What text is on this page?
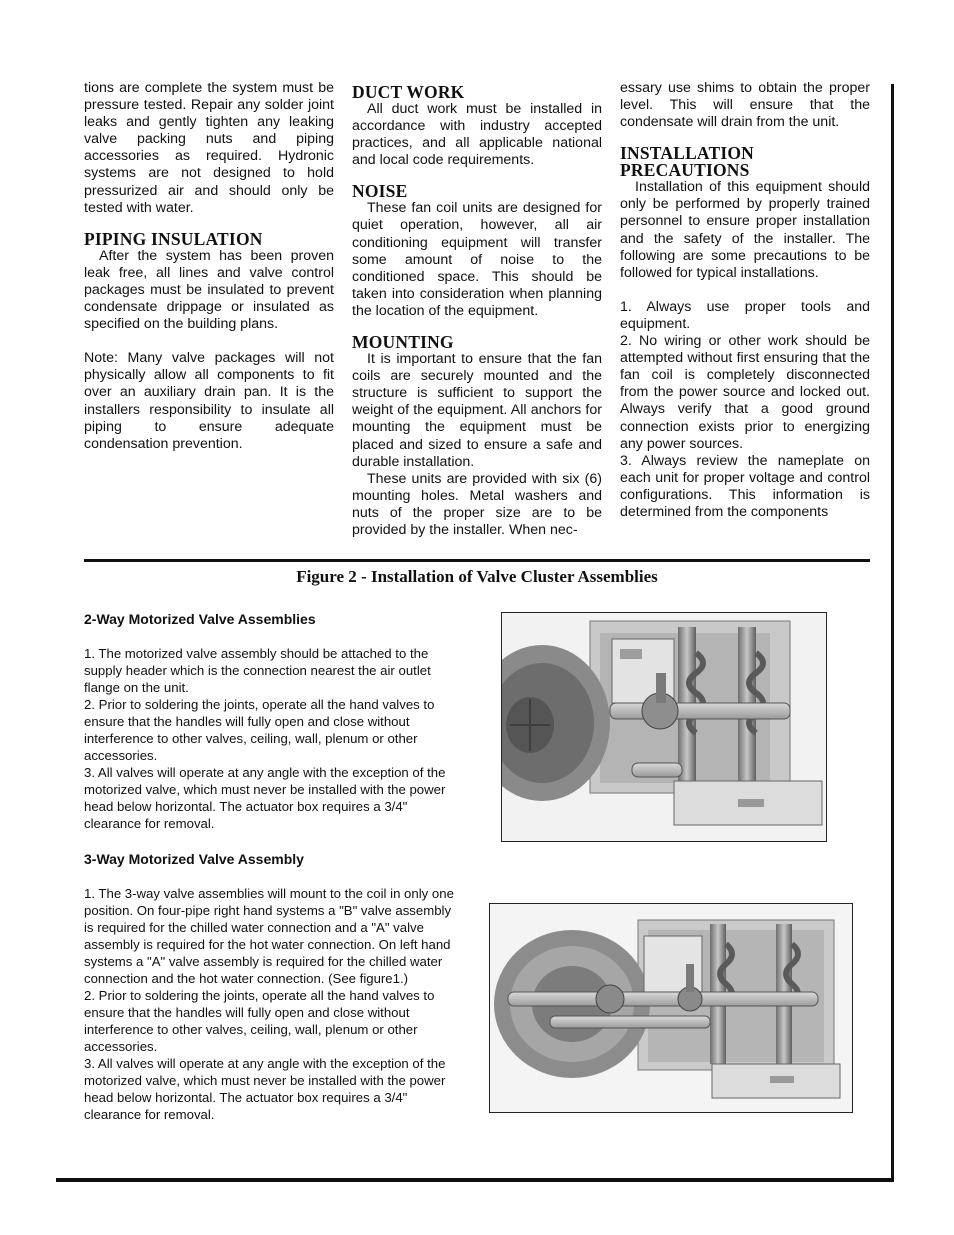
tions are complete the system must be pressure tested. Repair any solder joint leaks and gently tighten any leaking valve packing nuts and piping accessories as required. Hydronic systems are not designed to hold pressurized air and should only be tested with water.

PIPING INSULATION

After the system has been proven leak free, all lines and valve control packages must be insulated to prevent condensate drippage or insulated as specified on the building plans.

Note: Many valve packages will not physically allow all components to fit over an auxiliary drain pan. It is the installers responsibility to insulate all piping to ensure adequate condensation prevention.

DUCT WORK

All duct work must be installed in accordance with industry accepted practices, and all applicable national and local code requirements.

NOISE

These fan coil units are designed for quiet operation, however, all air conditioning equipment will transfer some amount of noise to the conditioned space. This should be taken into consideration when planning the location of the equipment.

MOUNTING

It is important to ensure that the fan coils are securely mounted and the structure is sufficient to support the weight of the equipment. All anchors for mounting the equipment must be placed and sized to ensure a safe and durable installation.

These units are provided with six (6) mounting holes. Metal washers and nuts of the proper size are to be provided by the installer. When nec-

essary use shims to obtain the proper level. This will ensure that the condensate will drain from the unit.

INSTALLATION
PRECAUTIONS

Installation of this equipment should only be performed by properly trained personnel to ensure proper installation and the safety of the installer. The following are some precautions to be followed for typical installations.

1. Always use proper tools and equipment.

2. No wiring or other work should be attempted without first ensuring that the fan coil is completely disconnected from the power source and locked out. Always verify that a good ground connection exists prior to energizing any power sources.

3. Always review the nameplate on each unit for proper voltage and control configurations. This information is determined from the components

Figure 2 - Installation of Valve Cluster Assemblies
2-Way Motorized Valve Assemblies

1. The motorized valve assembly should be attached to the supply header which is the connection nearest the air outlet flange on the unit.

2. Prior to soldering the joints, operate all the hand valves to ensure that the handles will fully open and close without interference to other valves, ceiling, wall, plenum or other accessories.

3. All valves will operate at any angle with the exception of the motorized valve, which must never be installed with the power head below horizontal. The actuator box requires a 3/4" clearance for removal.

3-Way Motorized Valve Assembly

1. The 3-way valve assemblies will mount to the coil in only one position. On four-pipe right hand systems a "B" valve assembly is required for the chilled water connection and a "A" valve assembly is required for the hot water connection. On left hand systems a "A" valve assembly is required for the chilled water connection and the hot water connection. (See figure1.)

2. Prior to soldering the joints, operate all the hand valves to ensure that the handles will fully open and close without interference to other valves, ceiling, wall, plenum or other accessories.

3. All valves will operate at any angle with the exception of the motorized valve, which must never be installed with the power head below horizontal. The actuator box requires a 3/4" clearance for removal.
